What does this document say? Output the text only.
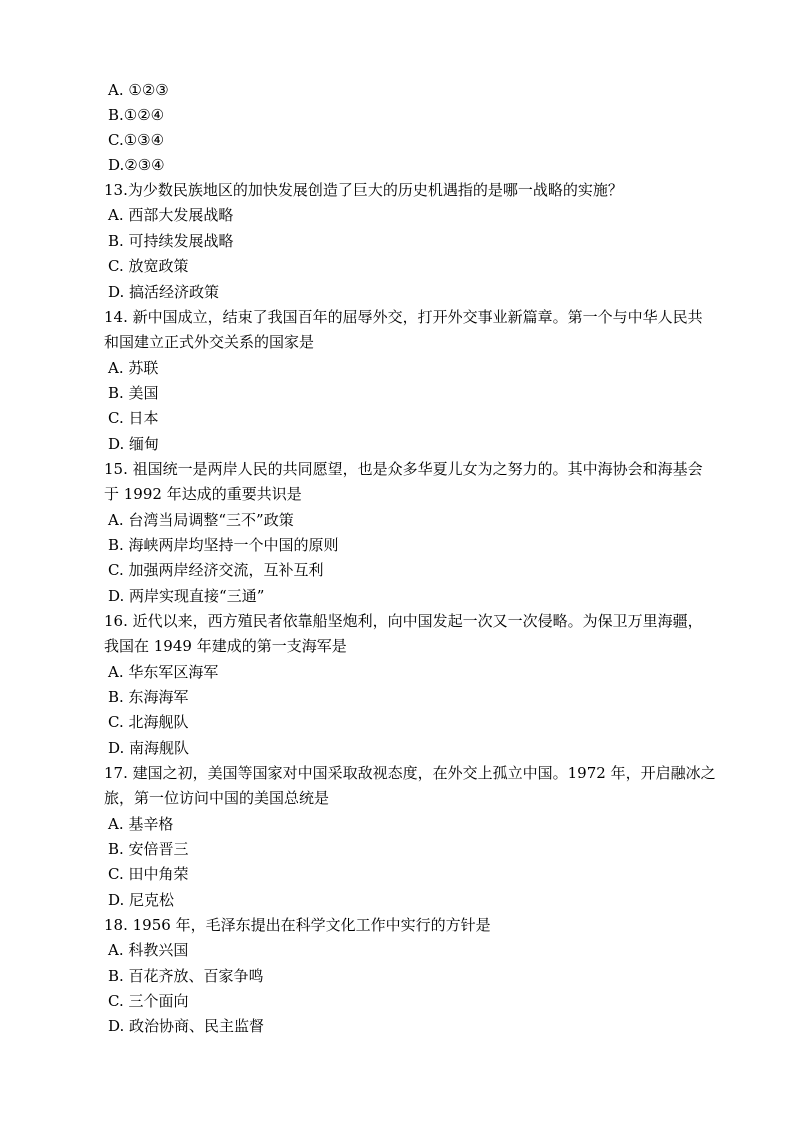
A. ①②③
B.①②④
C.①③④
D.②③④
13.为少数民族地区的加快发展创造了巨大的历史机遇指的是哪一战略的实施？
A. 西部大发展战略
B. 可持续发展战略
C. 放宽政策
D. 搞活经济政策
14. 新中国成立，结束了我国百年的屈辱外交，打开外交事业新篇章。第一个与中华人民共
和国建立正式外交关系的国家是
A. 苏联
B. 美国
C. 日本
D. 缅甸
15. 祖国统一是两岸人民的共同愿望，也是众多华夏儿女为之努力的。其中海协会和海基会
于 1992 年达成的重要共识是
A. 台湾当局调整“三不”政策
B. 海峡两岸均坚持一个中国的原则
C. 加强两岸经济交流，互补互利
D. 两岸实现直接“三通”
16. 近代以来，西方殖民者依靠船坚炮利，向中国发起一次又一次侵略。为保卫万里海疆，
我国在 1949 年建成的第一支海军是
A. 华东军区海军
B. 东海海军
C. 北海舰队
D. 南海舰队
17. 建国之初，美国等国家对中国采取敌视态度，在外交上孤立中国。1972 年，开启融冰之
旅，第一位访问中国的美国总统是
A. 基辛格
B. 安倍晋三
C. 田中角荣
D. 尼克松
18. 1956 年，毛泽东提出在科学文化工作中实行的方针是
A. 科教兴国
B. 百花齐放、百家争鸣
C. 三个面向
D. 政治协商、民主监督
